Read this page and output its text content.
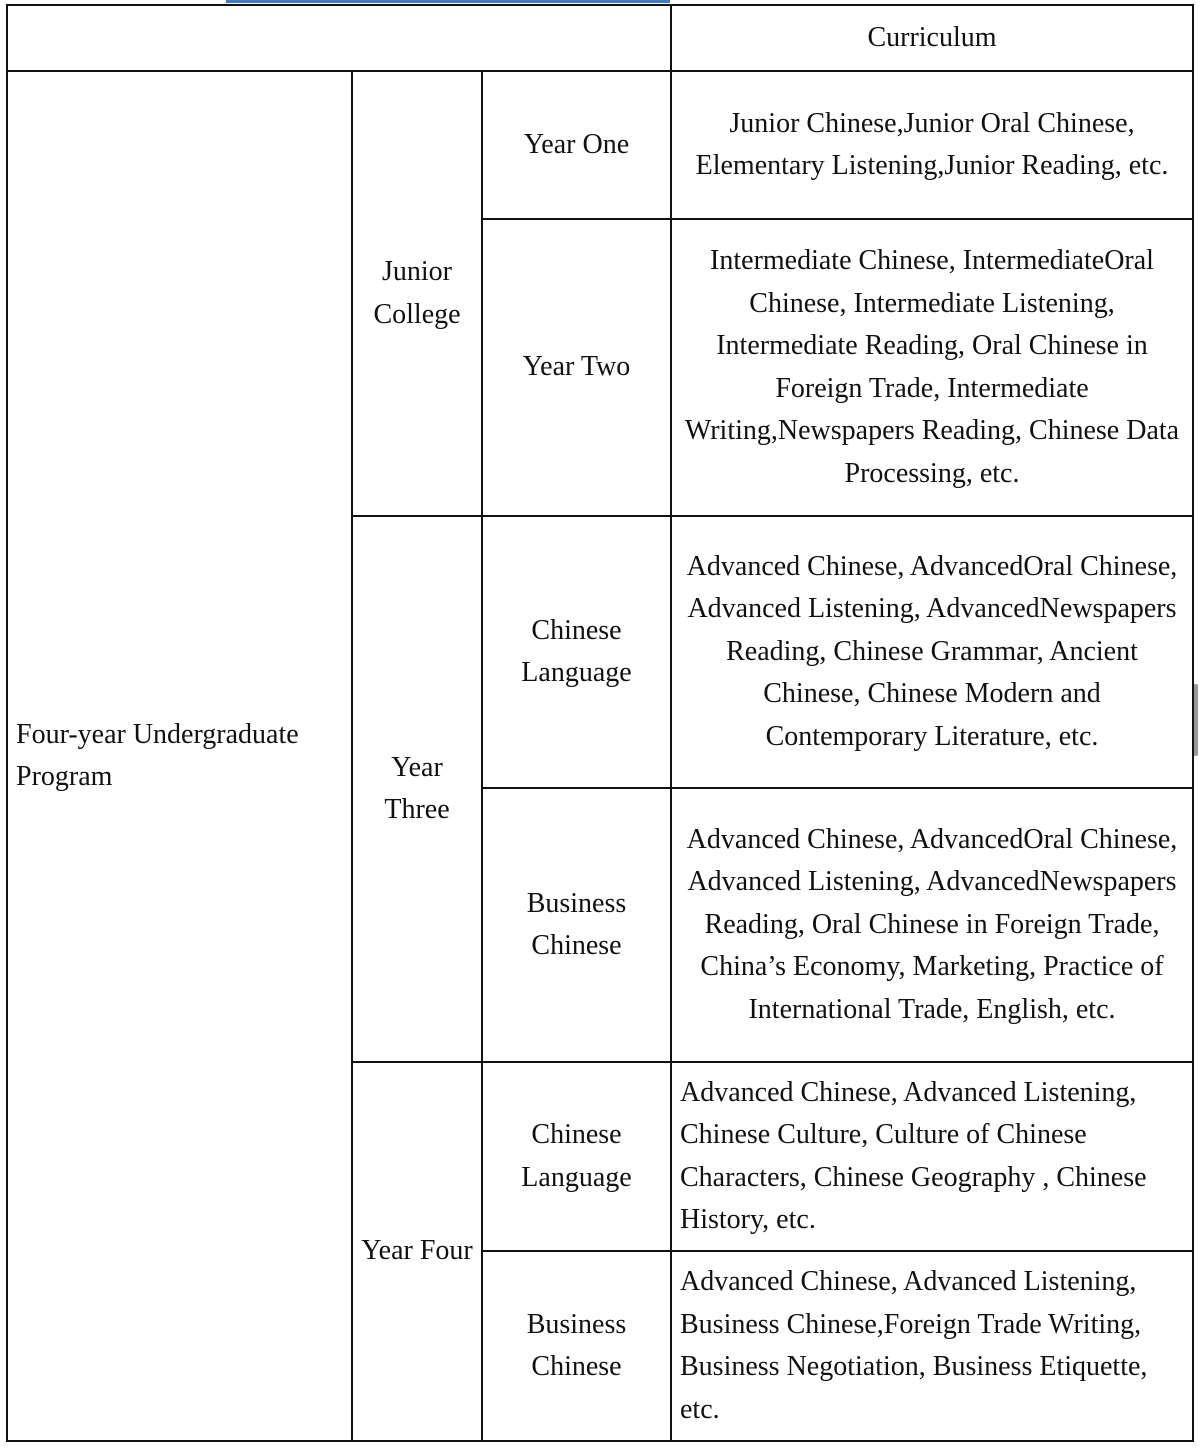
			Curriculum
Four-year Undergraduate Program	Junior College	Year One	Junior Chinese,Junior Oral Chinese, Elementary Listening,Junior Reading, etc.
		Year Two	Intermediate Chinese, IntermediateOral Chinese, Intermediate Listening, Intermediate Reading, Oral Chinese in Foreign Trade, Intermediate Writing,Newspapers Reading, Chinese Data Processing, etc.
	Year Three	Chinese Language	Advanced Chinese, AdvancedOral Chinese, Advanced Listening, AdvancedNewspapers Reading, Chinese Grammar, Ancient Chinese, Chinese Modern and Contemporary Literature, etc.
		Business Chinese	Advanced Chinese, AdvancedOral Chinese, Advanced Listening, AdvancedNewspapers Reading, Oral Chinese in Foreign Trade, China’s Economy, Marketing, Practice of International Trade, English, etc.
	Year Four	Chinese Language	Advanced Chinese, Advanced Listening, Chinese Culture, Culture of Chinese Characters, Chinese Geography , Chinese History, etc.
		Business Chinese	Advanced Chinese, Advanced Listening, Business Chinese,Foreign Trade Writing, Business Negotiation, Business Etiquette, etc.
